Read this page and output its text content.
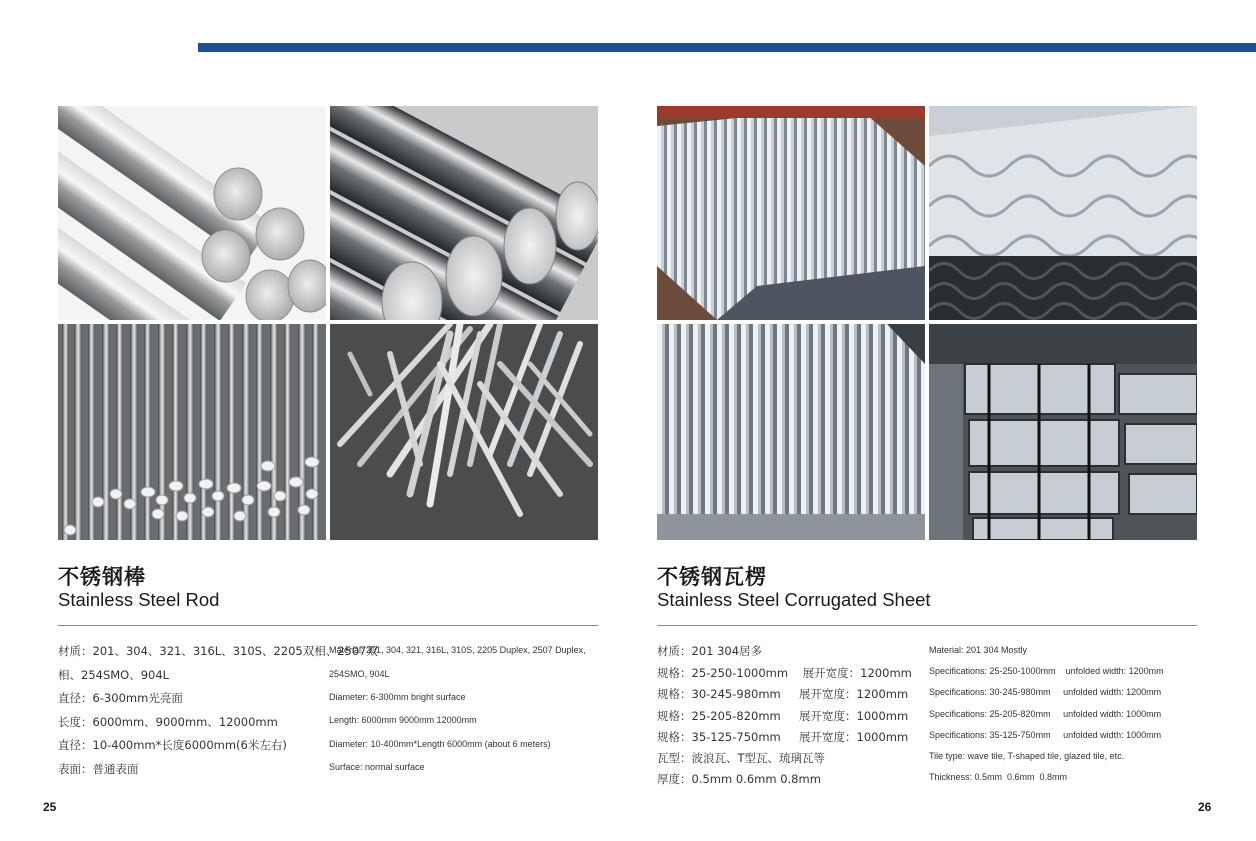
不锈钢棒
Stainless Steel Rod
材质：201、304、321、316L、310S、2205双相、2507双
相、254SMO、904L
直径：6-300mm光亮面
长度：6000mm、9000mm、12000mm
直径：10-400mm*长度6000mm(6米左右)
表面：普通表面
Material: 201, 304, 321, 316L, 310S, 2205 Duplex, 2507 Duplex,
254SMO, 904L
Diameter: 6-300mm bright surface
Length: 6000mm 9000mm 12000mm
Diameter: 10-400mm*Length 6000mm (about 6 meters)
Surface: normal surface
25
不锈钢瓦楞
Stainless Steel Corrugated Sheet
材质：201 304居多
规格：25-250-1000mm    展开宽度：1200mm
规格：30-245-980mm     展开宽度：1200mm
规格：25-205-820mm     展开宽度：1000mm
规格：35-125-750mm     展开宽度：1000mm
瓦型：波浪瓦、T型瓦、琉璃瓦等
厚度：0.5mm 0.6mm 0.8mm
Material: 201 304 Mostly
Specifications: 25-250-1000mm    unfolded width: 1200mm
Specifications: 30-245-980mm     unfolded width: 1200mm
Specifications: 25-205-820mm     unfolded width: 1000mm
Specifications: 35-125-750mm     unfolded width: 1000mm
Tile type: wave tile, T-shaped tile, glazed tile, etc.
Thickness: 0.5mm  0.6mm  0.8mm
26
